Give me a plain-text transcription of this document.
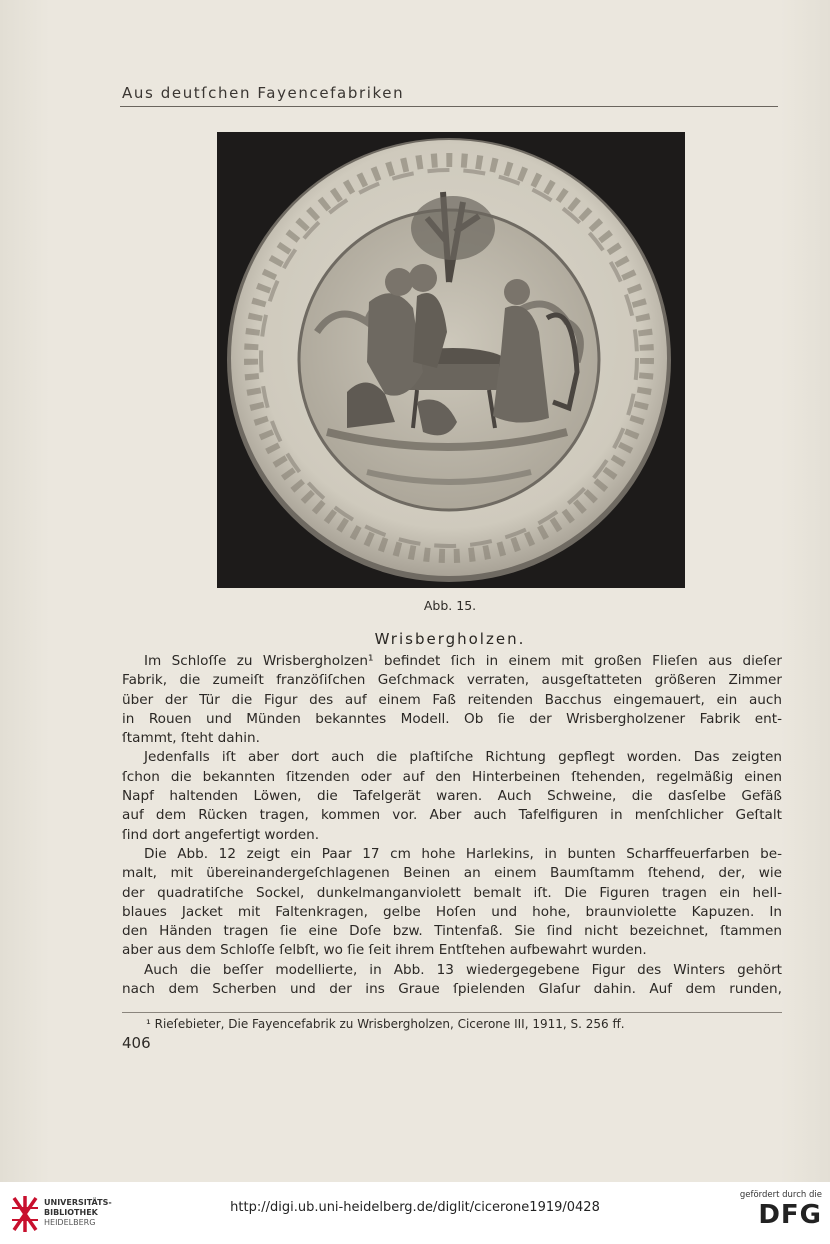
Aus deutſchen Fayencefabriken
Abb. 15.
Wrisbergholzen.
Im Schloſſe zu Wrisbergholzen¹ befindet ſich in einem mit großen Flieſen aus dieſer
Fabrik, die zumeiſt franzöſiſchen Geſchmack verraten, ausgeſtatteten größeren Zimmer
über der Tür die Figur des auf einem Faß reitenden Bacchus eingemauert, ein auch
in Rouen und Münden bekanntes Modell. Ob ſie der Wrisbergholzener Fabrik ent-
ſtammt, ſteht dahin.
Jedenfalls iſt aber dort auch die plaſtiſche Richtung gepflegt worden. Das zeigten
ſchon die bekannten ſitzenden oder auf den Hinterbeinen ſtehenden, regelmäßig einen
Napf haltenden Löwen, die Tafelgerät waren. Auch Schweine, die dasſelbe Gefäß
auf dem Rücken tragen, kommen vor. Aber auch Tafelfiguren in menſchlicher Geſtalt
ſind dort angefertigt worden.
Die Abb. 12 zeigt ein Paar 17 cm hohe Harlekins, in bunten Scharffeuerfarben be-
malt, mit übereinandergeſchlagenen Beinen an einem Baumſtamm ſtehend, der, wie
der quadratiſche Sockel, dunkelmanganviolett bemalt iſt. Die Figuren tragen ein hell-
blaues Jacket mit Faltenkragen, gelbe Hoſen und hohe, braunviolette Kapuzen. In
den Händen tragen ſie eine Doſe bzw. Tintenfaß. Sie ſind nicht bezeichnet, ſtammen
aber aus dem Schloſſe ſelbſt, wo ſie ſeit ihrem Entſtehen aufbewahrt wurden.
Auch die beſſer modellierte, in Abb. 13 wiedergegebene Figur des Winters gehört
nach dem Scherben und der ins Graue ſpielenden Glaſur dahin. Auf dem runden,
¹ Rieſebieter, Die Fayencefabrik zu Wrisbergholzen, Cicerone III, 1911, S. 256 ff.
406
UNIVERSITÄTS-
BIBLIOTHEK
HEIDELBERG
http://digi.ub.uni-heidelberg.de/diglit/cicerone1919/0428
gefördert durch die
DFG
